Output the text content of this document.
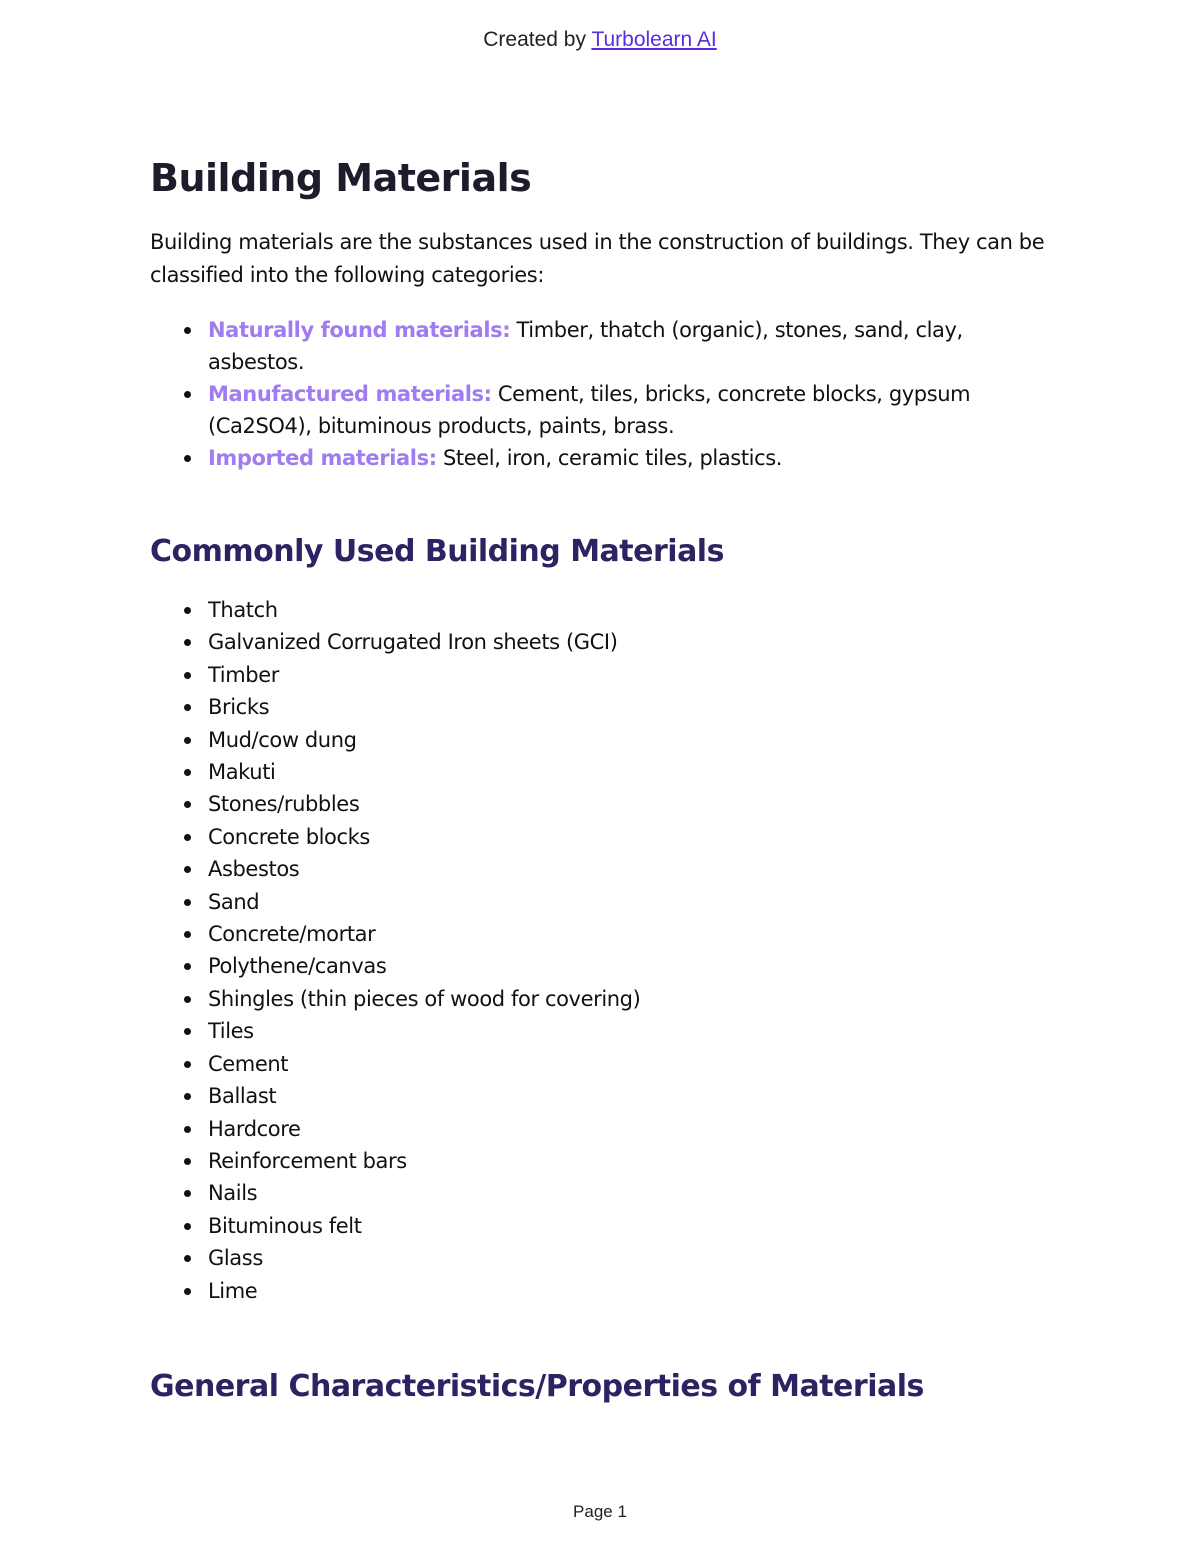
Created by Turbolearn AI
Building Materials

Building materials are the substances used in the construction of buildings. They can be classified into the following categories:

Naturally found materials: Timber, thatch (organic), stones, sand, clay, asbestos.
Manufactured materials: Cement, tiles, bricks, concrete blocks, gypsum (Ca2SO4), bituminous products, paints, brass.
Imported materials: Steel, iron, ceramic tiles, plastics.
Commonly Used Building Materials
Thatch
Galvanized Corrugated Iron sheets (GCI)
Timber
Bricks
Mud/cow dung
Makuti
Stones/rubbles
Concrete blocks
Asbestos
Sand
Concrete/mortar
Polythene/canvas
Shingles (thin pieces of wood for covering)
Tiles
Cement
Ballast
Hardcore
Reinforcement bars
Nails
Bituminous felt
Glass
Lime
General Characteristics/Properties of Materials
Page 1
